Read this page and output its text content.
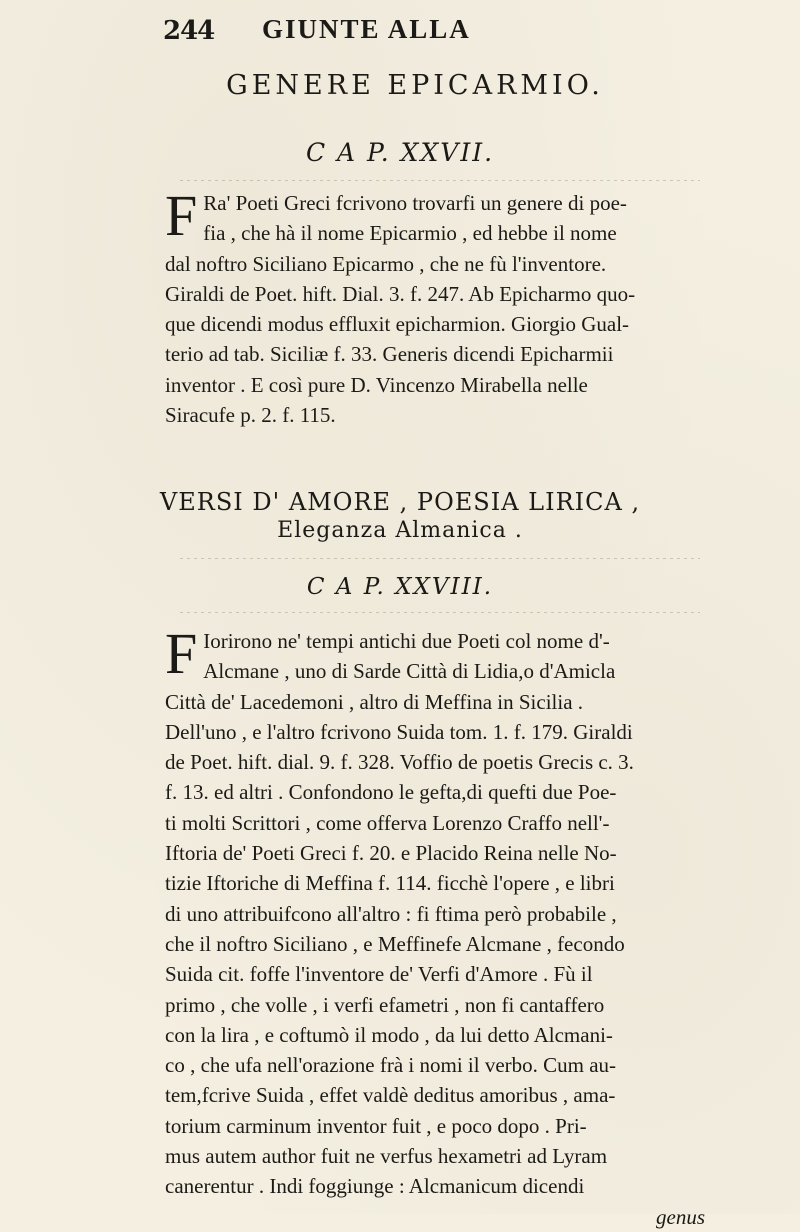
244 GIUNTE ALLA
GENERE EPICARMIO.
C A P. XXVII.
F Ra' Poeti Greci fcrivono trovarfi un genere di poe-
fia , che hà il nome Epicarmio , ed hebbe il nome
dal noftro Siciliano Epicarmo , che ne fù l'inventore.
Giraldi de Poet. hift. Dial. 3. f. 247. Ab Epicharmo quo-
que dicendi modus effluxit epicharmion. Giorgio Gual-
terio ad tab. Siciliæ f. 33. Generis dicendi Epicharmii
inventor . E così pure D. Vincenzo Mirabella nelle
Siracufe p. 2. f. 115.
VERSI D' AMORE , POESIA LIRICA ,
Eleganza Almanica .
C A P. XXVIII.
F Iorirono ne' tempi antichi due Poeti col nome d'-
Alcmane , uno di Sarde Città di Lidia,o d'Amicla
Città de' Lacedemoni , altro di Meffina in Sicilia .
Dell'uno , e l'altro fcrivono Suida tom. 1. f. 179. Giraldi
de Poet. hift. dial. 9. f. 328. Voffio de poetis Grecis c. 3.
f. 13. ed altri . Confondono le gefta,di quefti due Poe-
ti molti Scrittori , come offerva Lorenzo Craffo nell'-
Iftoria de' Poeti Greci f. 20. e Placido Reina nelle No-
tizie Iftoriche di Meffina f. 114. ficchè l'opere , e libri
di uno attribuifcono all'altro : fi ftima però probabile ,
che il noftro Siciliano , e Meffinefe Alcmane , fecondo
Suida cit. foffe l'inventore de' Verfi d'Amore . Fù il
primo , che volle , i verfi efametri , non fi cantaffero
con la lira , e coftumò il modo , da lui detto Alcmani-
co , che ufa nell'orazione frà i nomi il verbo. Cum au-
tem,fcrive Suida , effet valdè deditus amoribus , ama-
torium carminum inventor fuit , e poco dopo . Pri-
mus autem author fuit ne verfus hexametri ad Lyram
canerentur . Indi foggiunge : Alcmanicum dicendi
genus
